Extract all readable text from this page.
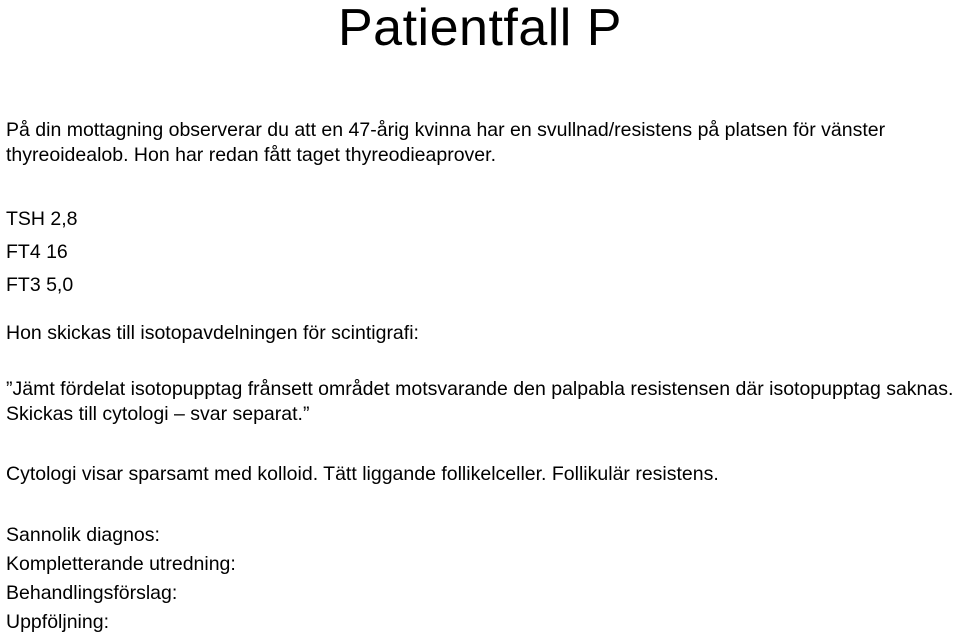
Patientfall P
På din mottagning observerar du att en 47-årig kvinna har en svullnad/resistens på platsen för vänster thyreoidealob. Hon har redan fått taget thyreodieaprover.
TSH 2,8
FT4 16
FT3 5,0
Hon skickas till isotopavdelningen för scintigrafi:
”Jämt fördelat isotopupptag frånsett området motsvarande den palpabla resistensen där isotopupptag saknas. Skickas till cytologi – svar separat.”
Cytologi visar sparsamt med kolloid. Tätt liggande follikelceller. Follikulär resistens.
Sannolik diagnos:
Kompletterande utredning:
Behandlingsförslag:
Uppföljning:
